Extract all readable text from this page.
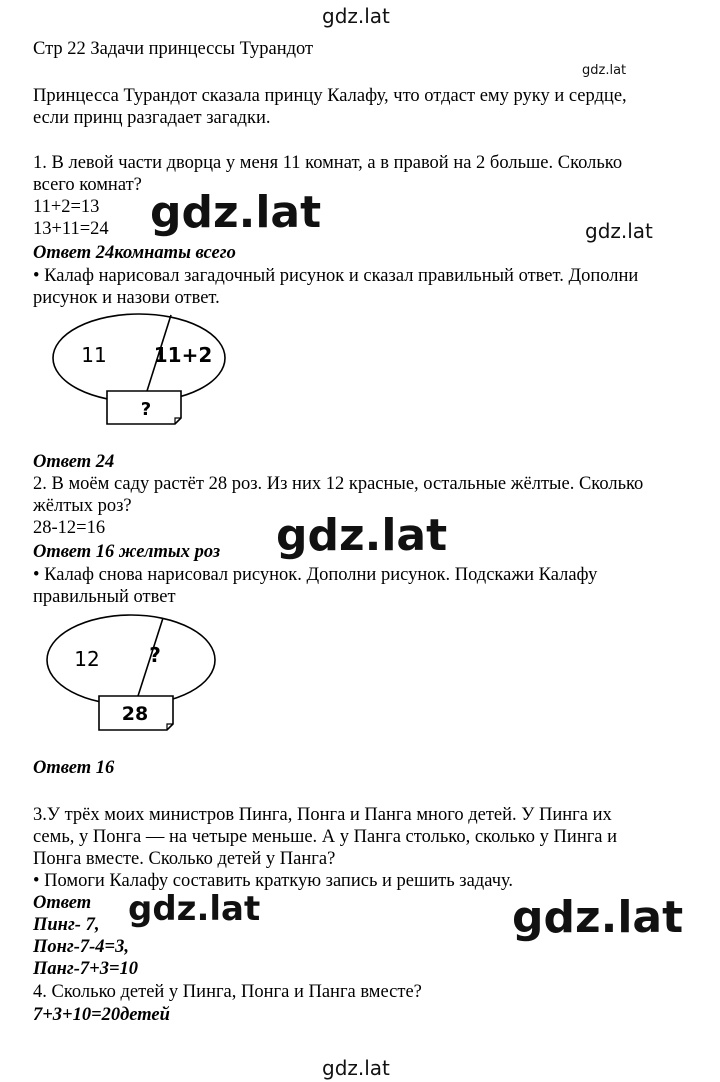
gdz.lat
gdz.lat
gdz.lat	gdz.lat
gdz.lat
gdz.lat	gdz.lat
gdz.lat
Стр 22 Задачи принцессы Турандот
Принцесса Турандот сказала принцу Калафу, что отдаст ему руку и сердце,
если принц разгадает загадки.
1. В левой части дворца у меня 11 комнат, а в правой на 2 больше. Сколько
всего комнат?
11+2=13
13+11=24
Ответ 24комнаты всего
• Калаф нарисовал загадочный рисунок и сказал правильный ответ. Дополни
рисунок и назови ответ.
11 11+2
?
Ответ 24
2. В моём саду растёт 28 роз. Из них 12 красные, остальные жёлтые. Сколько
жёлтых роз?
28-12=16
Ответ 16 желтых роз
• Калаф снова нарисовал рисунок. Дополни рисунок. Подскажи Калафу
правильный ответ
12 ?
28
Ответ 16
3.У трёх моих министров Пинга, Понга и Панга много детей. У Пинга их
семь, у Понга — на четыре меньше. А у Панга столько, сколько у Пинга и
Понга вместе. Сколько детей у Панга?
• Помоги Калафу составить краткую запись и решить задачу.
Ответ
Пинг- 7,
Понг-7-4=3,
Панг-7+3=10
4. Сколько детей у Пинга, Понга и Панга вместе?
7+3+10=20детей
